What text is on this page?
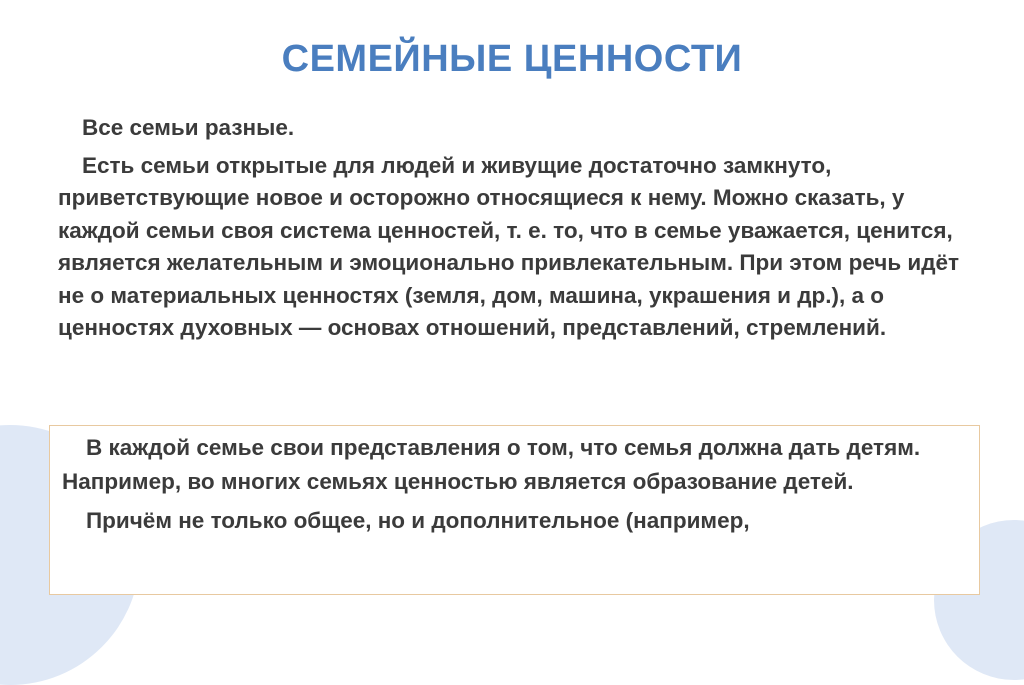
СЕМЕЙНЫЕ ЦЕННОСТИ

Все семьи разные.

Есть семьи открытые для людей и живущие достаточно замкнуто, приветствующие новое и осторожно относящиеся к нему. Можно сказать, у каждой семьи своя система ценностей, т. е. то, что в семье уважается, ценится, является желательным и эмоционально привлекательным. При этом речь идёт не о материальных ценностях (земля, дом, машина, украшения и др.), а о ценностях духовных — основах отношений, представлений, стремлений.

В каждой семье свои представления о том, что семья должна дать детям. Например, во многих семьях ценностью является образование детей.

Причём не только общее, но и дополнительное (например,
